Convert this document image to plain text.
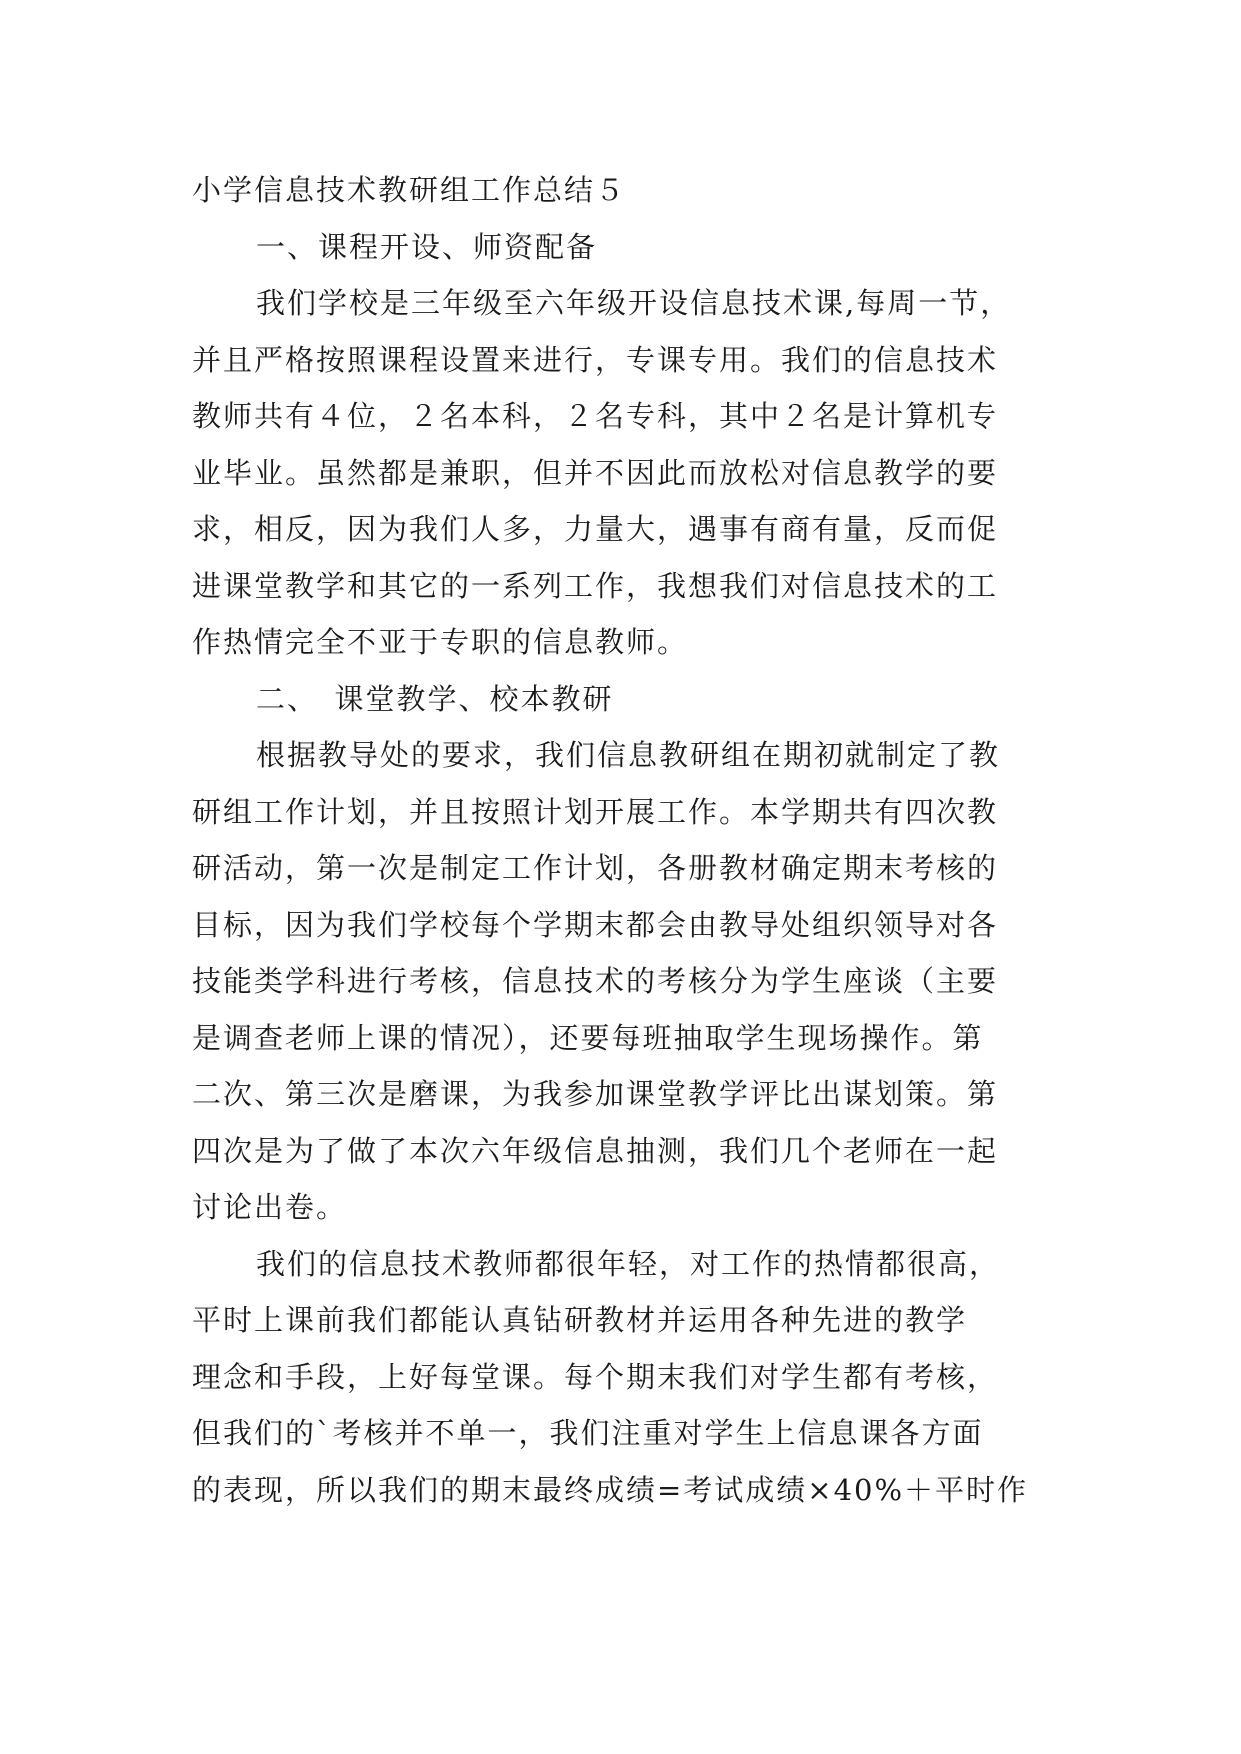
小学信息技术教研组工作总结５
一、课程开设、师资配备
我们学校是三年级至六年级开设信息技术课,每周一节，
并且严格按照课程设置来进行，专课专用。我们的信息技术
教师共有４位，２名本科，２名专科，其中２名是计算机专
业毕业。虽然都是兼职，但并不因此而放松对信息教学的要
求，相反，因为我们人多，力量大，遇事有商有量，反而促
进课堂教学和其它的一系列工作，我想我们对信息技术的工
作热情完全不亚于专职的信息教师。
二、　课堂教学、校本教研
根据教导处的要求，我们信息教研组在期初就制定了教
研组工作计划，并且按照计划开展工作。本学期共有四次教
研活动，第一次是制定工作计划，各册教材确定期末考核的
目标，因为我们学校每个学期末都会由教导处组织领导对各
技能类学科进行考核，信息技术的考核分为学生座谈（主要
是调查老师上课的情况），还要每班抽取学生现场操作。第
二次、第三次是磨课，为我参加课堂教学评比出谋划策。第
四次是为了做了本次六年级信息抽测，我们几个老师在一起
讨论出卷。
我们的信息技术教师都很年轻，对工作的热情都很高，
平时上课前我们都能认真钻研教材并运用各种先进的教学
理念和手段，上好每堂课。每个期末我们对学生都有考核，
但我们的`考核并不单一，我们注重对学生上信息课各方面
的表现，所以我们的期末最终成绩=考试成绩×40%＋平时作
